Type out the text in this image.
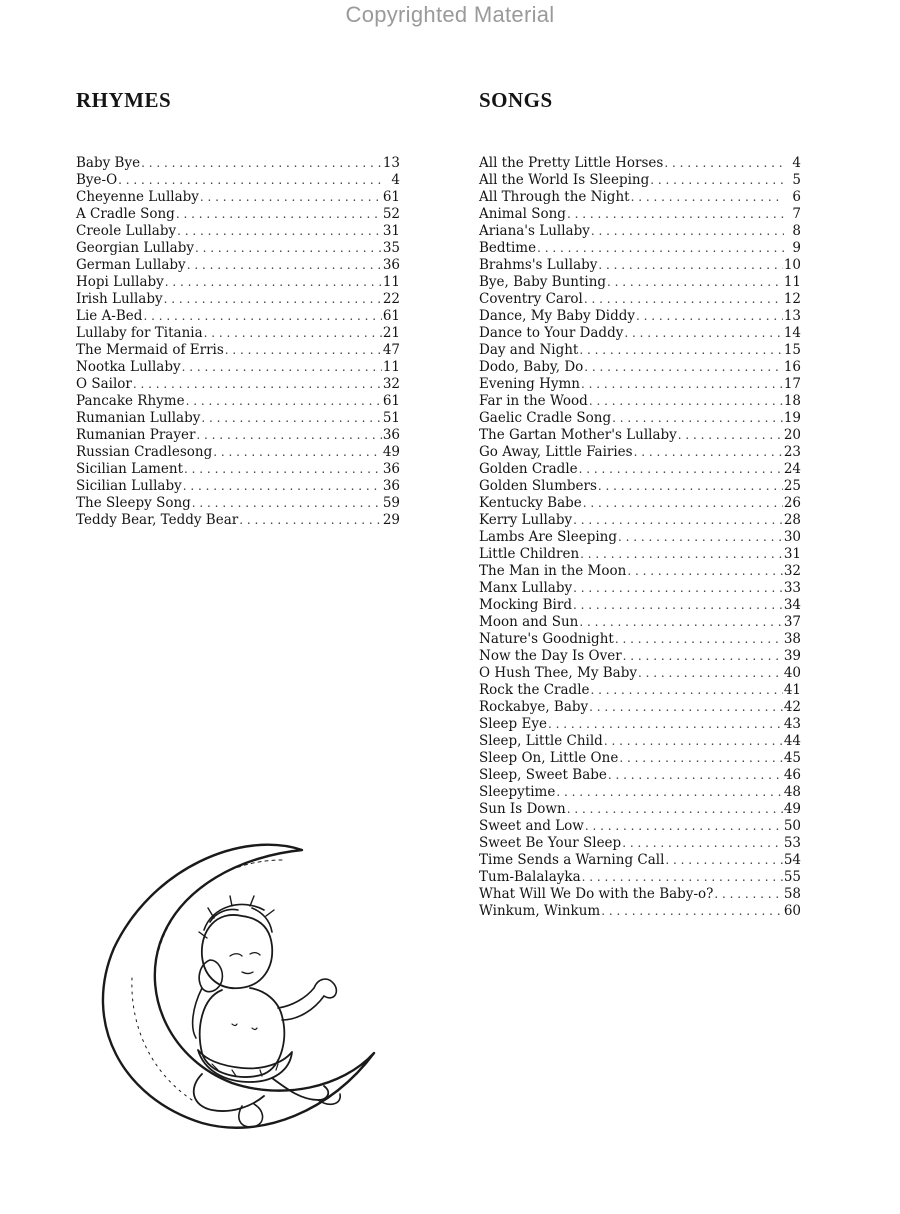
Copyrighted Material
RHYMES
Baby Bye . . .	13
Bye-O . . .	4
Cheyenne Lullaby . . .	61
A Cradle Song . . .	52
Creole Lullaby . . .	31
Georgian Lullaby . . .	35
German Lullaby . . .	36
Hopi Lullaby . . .	11
Irish Lullaby . . .	22
Lie A-Bed . . .	61
Lullaby for Titania . . .	21
The Mermaid of Erris . . .	47
Nootka Lullaby . . .	11
O Sailor . . .	32
Pancake Rhyme . . .	61
Rumanian Lullaby . . .	51
Rumanian Prayer . . .	36
Russian Cradlesong . . .	49
Sicilian Lament . . .	36
Sicilian Lullaby . . .	36
The Sleepy Song . . .	59
Teddy Bear, Teddy Bear . . .	29
SONGS
All the Pretty Little Horses . . .	4
All the World Is Sleeping . . .	5
All Through the Night . . .	6
Animal Song . . .	7
Ariana's Lullaby . . .	8
Bedtime . . .	9
Brahms's Lullaby . . .	10
Bye, Baby Bunting . . .	11
Coventry Carol . . .	12
Dance, My Baby Diddy . . .	13
Dance to Your Daddy . . .	14
Day and Night . . .	15
Dodo, Baby, Do . . .	16
Evening Hymn . . .	17
Far in the Wood . . .	18
Gaelic Cradle Song . . .	19
The Gartan Mother's Lullaby . . .	20
Go Away, Little Fairies . . .	23
Golden Cradle . . .	24
Golden Slumbers . . .	25
Kentucky Babe . . .	26
Kerry Lullaby . . .	28
Lambs Are Sleeping . . .	30
Little Children . . .	31
The Man in the Moon . . .	32
Manx Lullaby . . .	33
Mocking Bird . . .	34
Moon and Sun . . .	37
Nature's Goodnight . . .	38
Now the Day Is Over . . .	39
O Hush Thee, My Baby . . .	40
Rock the Cradle . . .	41
Rockabye, Baby . . .	42
Sleep Eye . . .	43
Sleep, Little Child . . .	44
Sleep On, Little One . . .	45
Sleep, Sweet Babe . . .	46
Sleepytime . . .	48
Sun Is Down . . .	49
Sweet and Low . . .	50
Sweet Be Your Sleep . . .	53
Time Sends a Warning Call . . .	54
Tum-Balalayka . . .	55
What Will We Do with the Baby-o? . . .	58
Winkum, Winkum . . .	60
